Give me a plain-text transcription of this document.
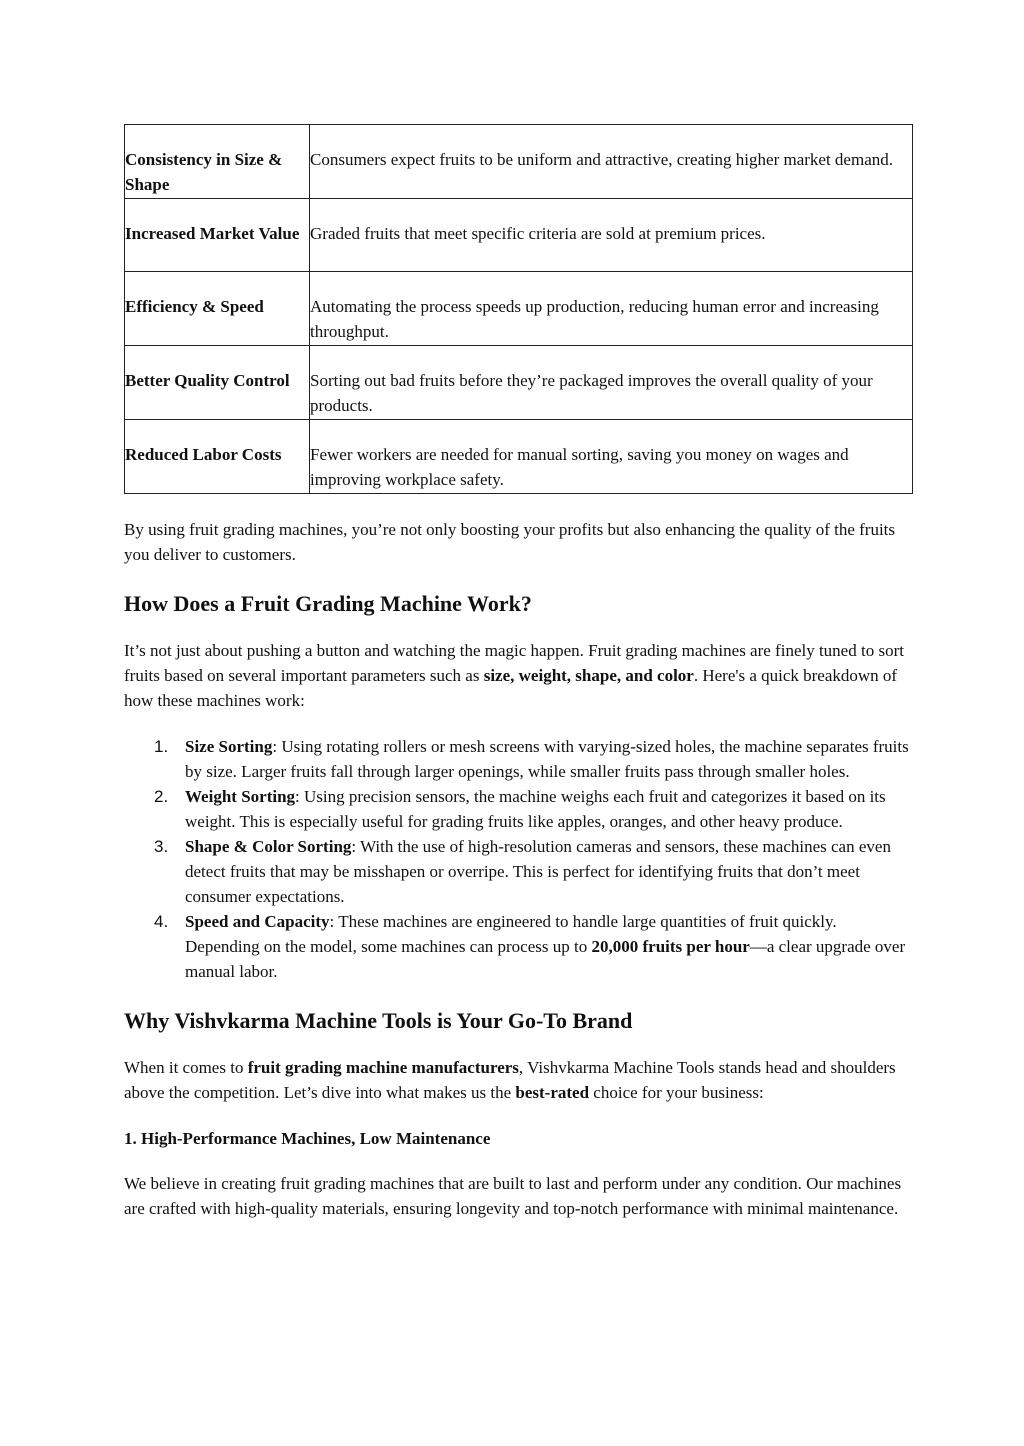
Consistency in Size & Shape	Consumers expect fruits to be uniform and attractive, creating higher market demand.
Increased Market Value	Graded fruits that meet specific criteria are sold at premium prices.
Efficiency & Speed	Automating the process speeds up production, reducing human error and increasing throughput.
Better Quality Control	Sorting out bad fruits before they’re packaged improves the overall quality of your products.
Reduced Labor Costs	Fewer workers are needed for manual sorting, saving you money on wages and improving workplace safety.

By using fruit grading machines, you’re not only boosting your profits but also enhancing the quality of the fruits you deliver to customers.

How Does a Fruit Grading Machine Work?

It’s not just about pushing a button and watching the magic happen. Fruit grading machines are finely tuned to sort fruits based on several important parameters such as size, weight, shape, and color. Here's a quick breakdown of how these machines work:

1. Size Sorting: Using rotating rollers or mesh screens with varying-sized holes, the machine separates fruits by size. Larger fruits fall through larger openings, while smaller fruits pass through smaller holes.
2. Weight Sorting: Using precision sensors, the machine weighs each fruit and categorizes it based on its weight. This is especially useful for grading fruits like apples, oranges, and other heavy produce.
3. Shape & Color Sorting: With the use of high-resolution cameras and sensors, these machines can even detect fruits that may be misshapen or overripe. This is perfect for identifying fruits that don’t meet consumer expectations.
4. Speed and Capacity: These machines are engineered to handle large quantities of fruit quickly. Depending on the model, some machines can process up to 20,000 fruits per hour—a clear upgrade over manual labor.
Why Vishvkarma Machine Tools is Your Go-To Brand

When it comes to fruit grading machine manufacturers, Vishvkarma Machine Tools stands head and shoulders above the competition. Let’s dive into what makes us the best-rated choice for your business:

1. High-Performance Machines, Low Maintenance

We believe in creating fruit grading machines that are built to last and perform under any condition. Our machines are crafted with high-quality materials, ensuring longevity and top-notch performance with minimal maintenance.
